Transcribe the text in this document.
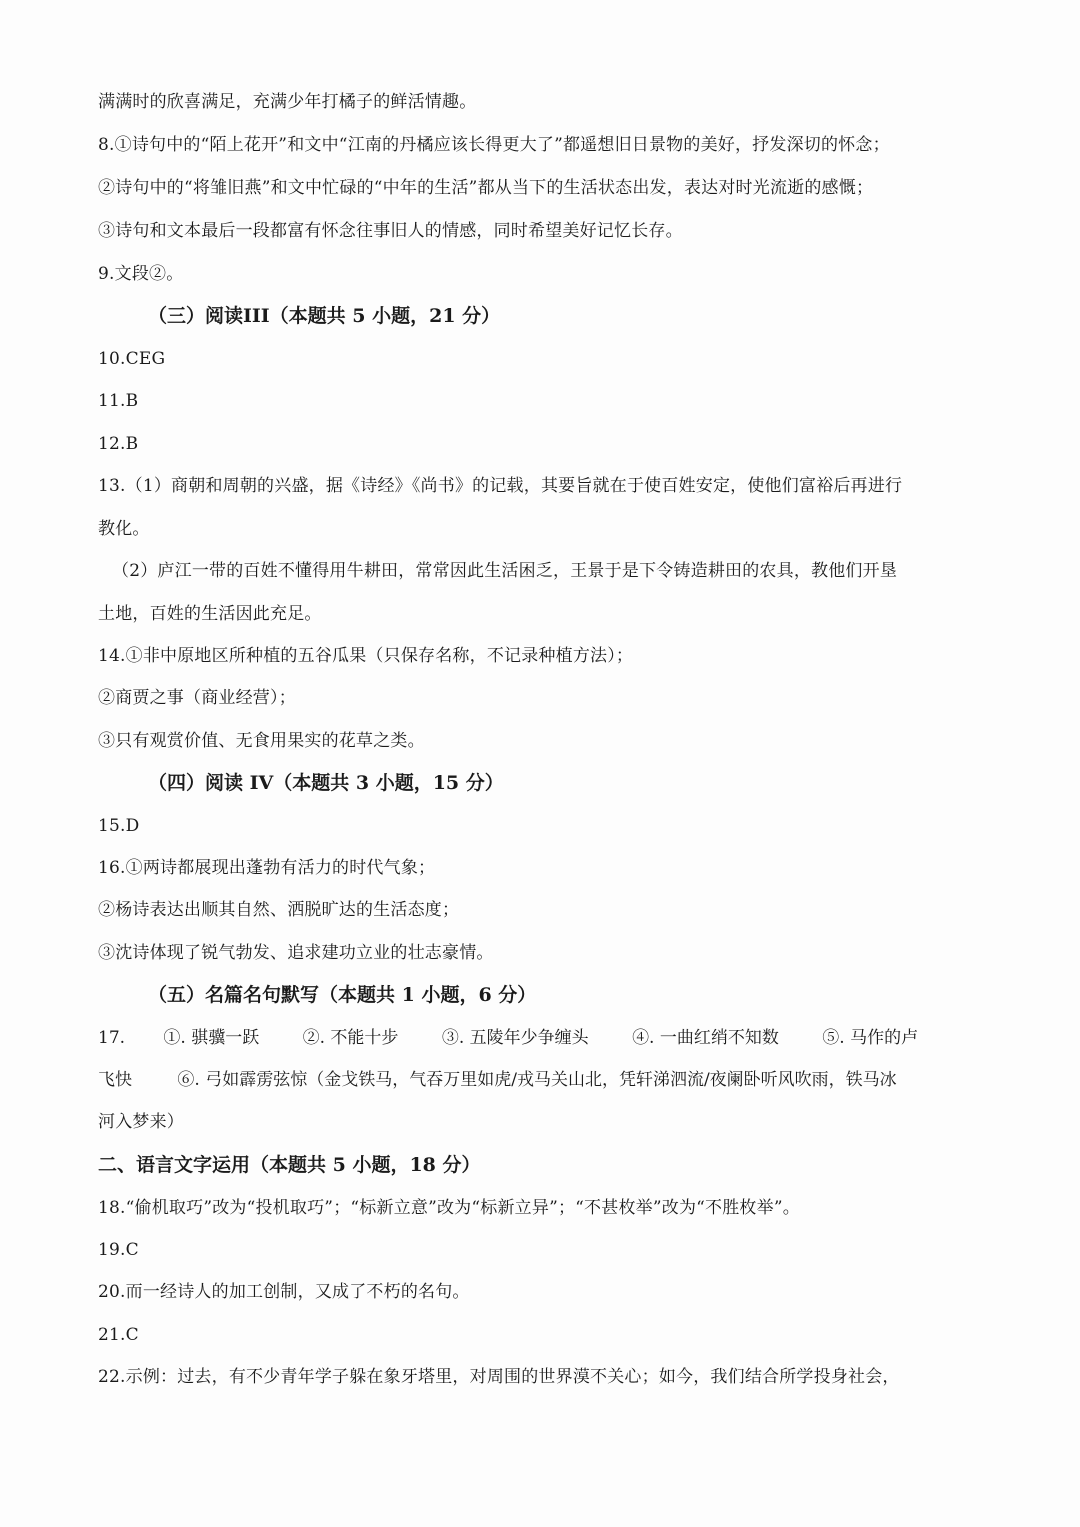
满满时的欣喜满足，充满少年打橘子的鲜活情趣。
8.①诗句中的“陌上花开”和文中“江南的丹橘应该长得更大了”都遥想旧日景物的美好，抒发深切的怀念；
②诗句中的“将雏旧燕”和文中忙碌的“中年的生活”都从当下的生活状态出发，表达对时光流逝的感慨；
③诗句和文本最后一段都富有怀念往事旧人的情感，同时希望美好记忆长存。
9.文段②。
（三）阅读III（本题共 5 小题，21 分）
10.CEG
11.B
12.B
13.（1）商朝和周朝的兴盛，据《诗经》《尚书》的记载，其要旨就在于使百姓安定，使他们富裕后再进行
教化。
（2）庐江一带的百姓不懂得用牛耕田，常常因此生活困乏，王景于是下令铸造耕田的农具，教他们开垦
土地，百姓的生活因此充足。
14.①非中原地区所种植的五谷瓜果（只保存名称，不记录种植方法）；
②商贾之事（商业经营）；
③只有观赏价值、无食用果实的花草之类。
（四）阅读 IV（本题共 3 小题，15 分）
15.D
16.①两诗都展现出蓬勃有活力的时代气象；
②杨诗表达出顺其自然、洒脱旷达的生活态度；
③沈诗体现了锐气勃发、追求建功立业的壮志豪情。
（五）名篇名句默写（本题共 1 小题，6 分）
17. ①. 骐骥一跃	②. 不能十步	③. 五陵年少争缠头	④. 一曲红绡不知数	⑤. 马作的卢
飞快	⑥. 弓如霹雳弦惊（金戈铁马，气吞万里如虎/戎马关山北，凭轩涕泗流/夜阑卧听风吹雨，铁马冰
河入梦来）
二、语言文字运用（本题共 5 小题，18 分）
18.“偷机取巧”改为“投机取巧”；“标新立意”改为“标新立异”；“不甚枚举”改为“不胜枚举”。
19.C
20.而一经诗人的加工创制，又成了不朽的名句。
21.C
22.示例：过去，有不少青年学子躲在象牙塔里，对周围的世界漠不关心；如今，我们结合所学投身社会，
